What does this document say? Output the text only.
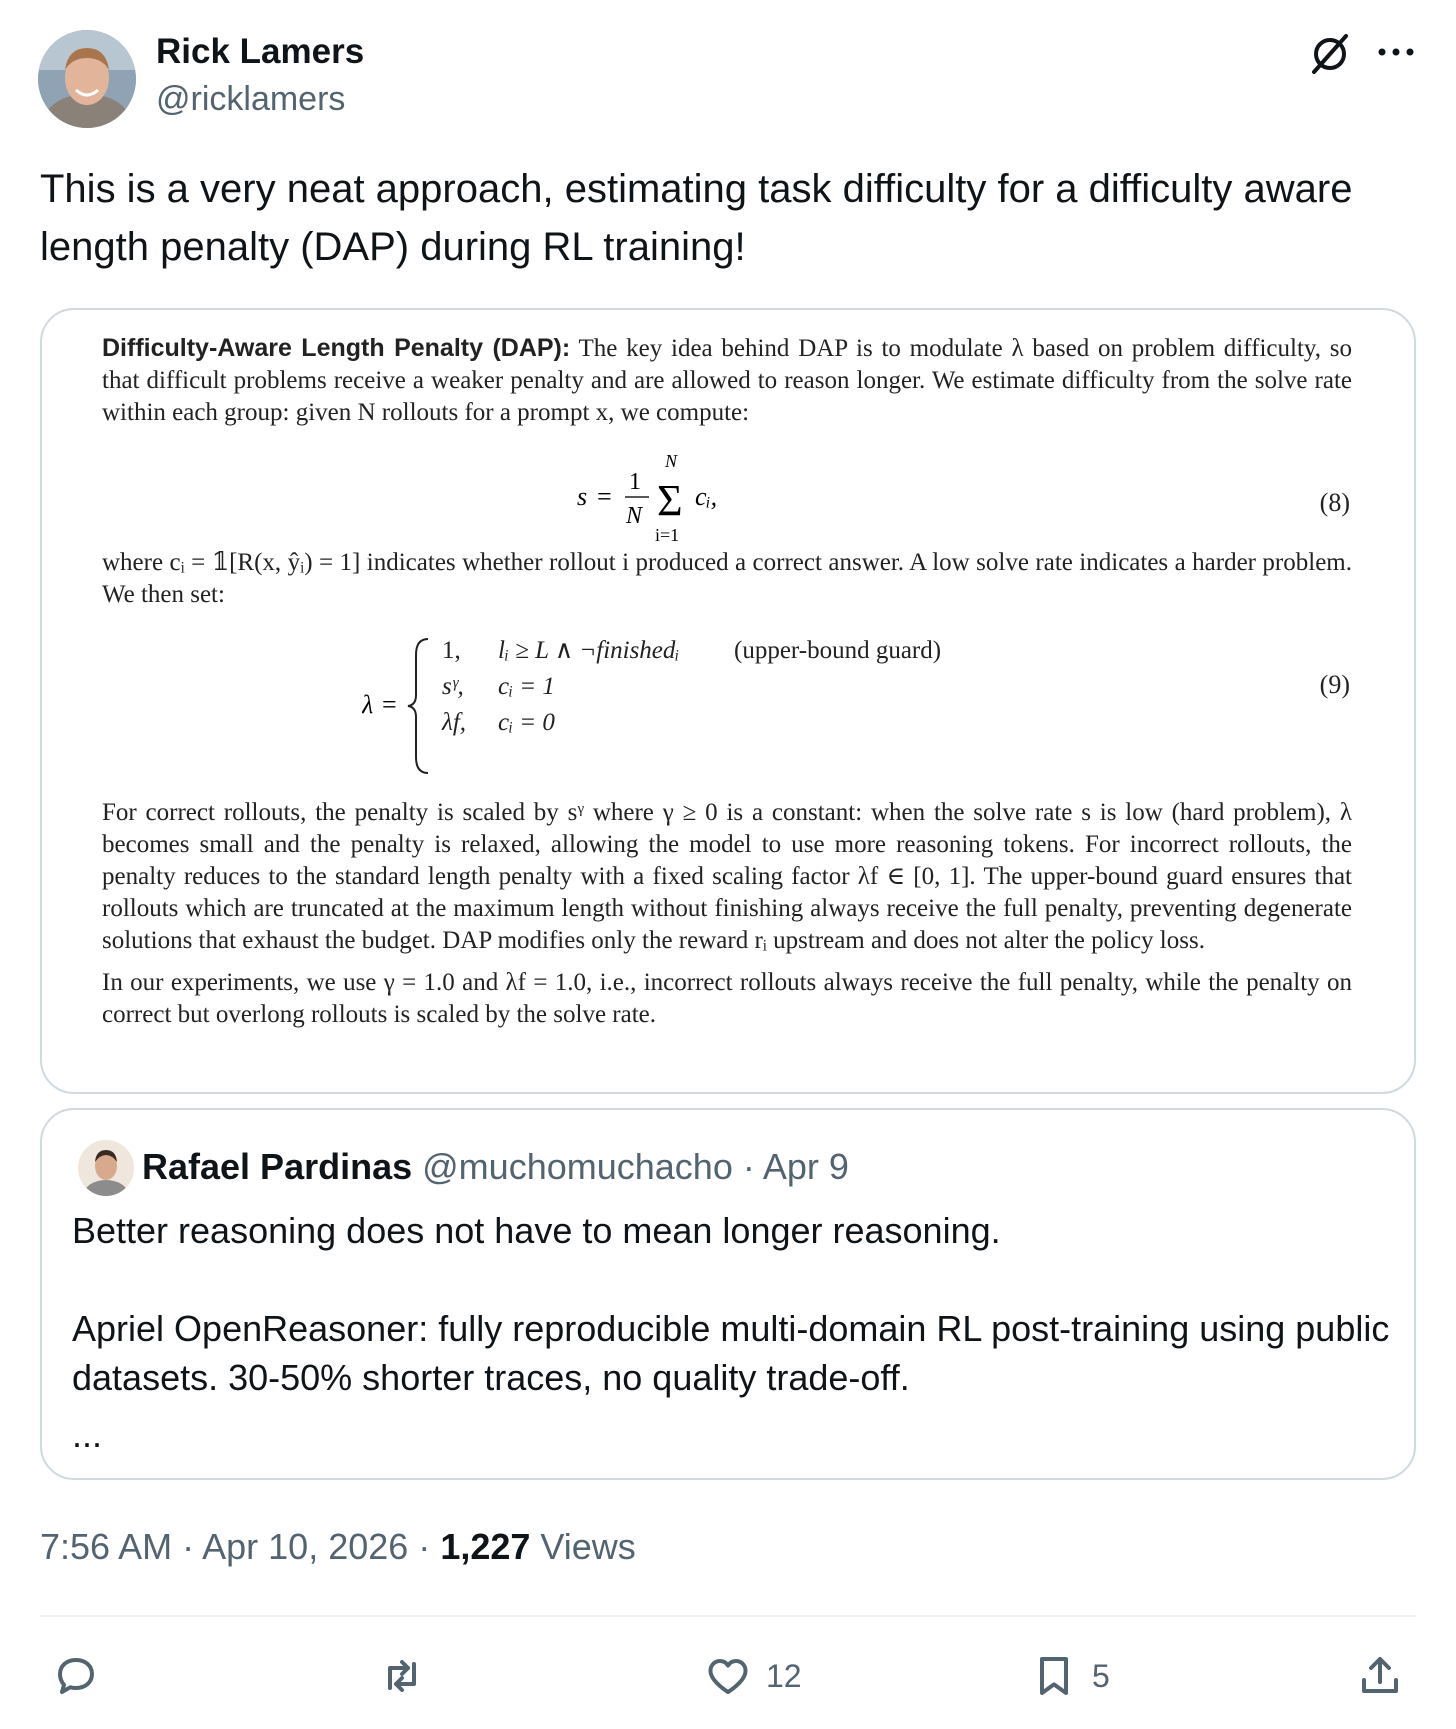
Rick Lamers
@ricklamers
This is a very neat approach, estimating task difficulty for a difficulty aware length penalty (DAP) during RL training!

Difficulty-Aware Length Penalty (DAP): The key idea behind DAP is to modulate λ based on problem difficulty, so that difficult problems receive a weaker penalty and are allowed to reason longer. We estimate difficulty from the solve rate within each group: given N rollouts for a prompt x, we compute:

s = 1
N
N
Σ
i=1
cᵢ,	(8)

where cᵢ = 𝟙[R(x, ŷᵢ) = 1] indicates whether rollout i produced a correct answer. A low solve rate indicates a harder problem. We then set:

λ =
1, lᵢ ≥ L ∧ ¬finishedᵢ (upper-bound guard)
sᵞ, cᵢ = 1
λf, cᵢ = 0
(9)

For correct rollouts, the penalty is scaled by sᵞ where γ ≥ 0 is a constant: when the solve rate s is low (hard problem), λ becomes small and the penalty is relaxed, allowing the model to use more reasoning tokens. For incorrect rollouts, the penalty reduces to the standard length penalty with a fixed scaling factor λf ∈ [0, 1]. The upper-bound guard ensures that rollouts which are truncated at the maximum length without finishing always receive the full penalty, preventing degenerate solutions that exhaust the budget. DAP modifies only the reward rᵢ upstream and does not alter the policy loss.

In our experiments, we use γ = 1.0 and λf = 1.0, i.e., incorrect rollouts always receive the full penalty, while the penalty on correct but overlong rollouts is scaled by the solve rate.

Rafael Pardinas @muchomuchacho · Apr 9

Better reasoning does not have to mean longer reasoning.

Apriel OpenReasoner: fully reproducible multi-domain RL post-training using public datasets. 30-50% shorter traces, no quality trade-off.

...
7:56 AM · Apr 10, 2026 · 1,227 Views
12	5
